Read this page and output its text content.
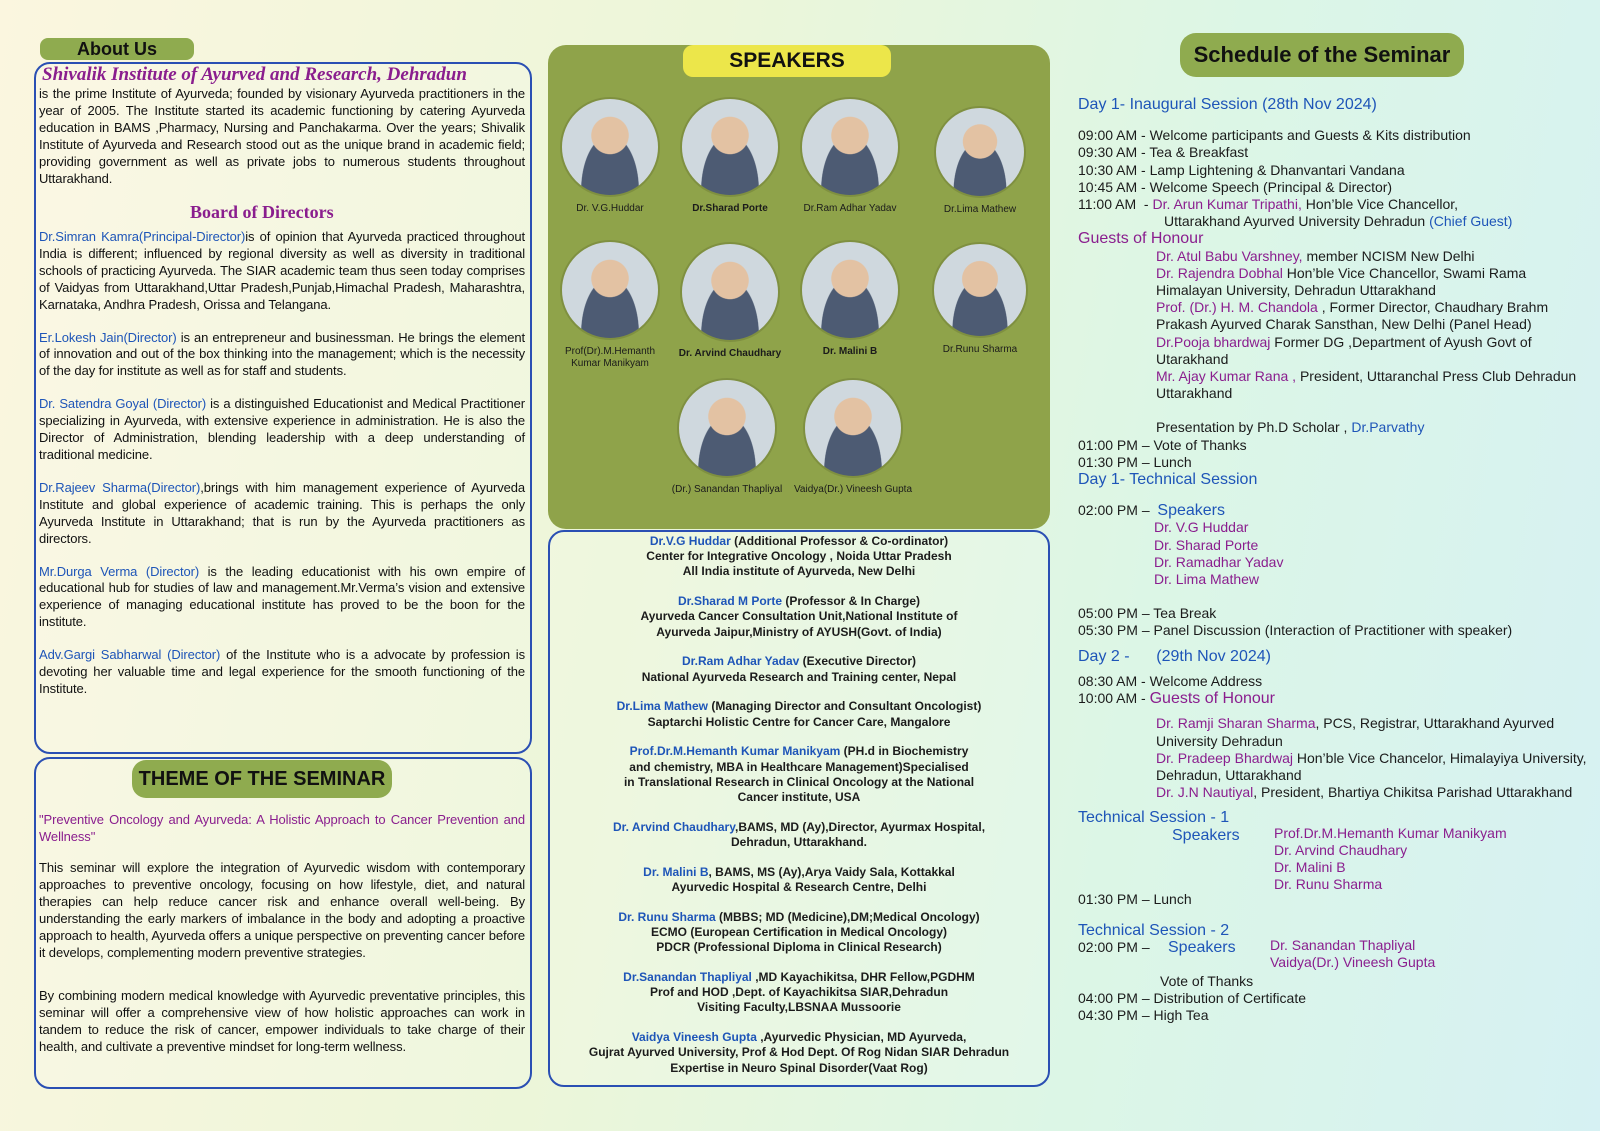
About Us
Shivalik Institute of Ayurved and Research, Dehradun
is the prime Institute of Ayurveda; founded by visionary Ayurveda practitioners in the year of 2005. The Institute started its academic functioning by catering Ayurveda education in BAMS ,Pharmacy, Nursing and Panchakarma. Over the years; Shivalik Institute of Ayurveda and Research stood out as the unique brand in academic field; providing government as well as private jobs to numerous students throughout Uttarakhand.
Board of Directors

Dr.Simran Kamra(Principal-Director)is of opinion that Ayurveda practiced throughout India is different; influenced by regional diversity as well as diversity in traditional schools of practicing Ayurveda. The SIAR academic team thus seen today comprises of Vaidyas from Uttarakhand,Uttar Pradesh,Punjab,Himachal Pradesh, Maharashtra, Karnataka, Andhra Pradesh, Orissa and Telangana.

Er.Lokesh Jain(Director) is an entrepreneur and businessman. He brings the element of innovation and out of the box thinking into the management; which is the necessity of the day for institute as well as for staff and students.

Dr. Satendra Goyal (Director) is a distinguished Educationist and Medical Practitioner specializing in Ayurveda, with extensive experience in administration. He is also the Director of Administration, blending leadership with a deep understanding of traditional medicine.

Dr.Rajeev Sharma(Director),brings with him management experience of Ayurveda Institute and global experience of academic training. This is perhaps the only Ayurveda Institute in Uttarakhand; that is run by the Ayurveda practitioners as directors.

Mr.Durga Verma (Director) is the leading educationist with his own empire of educational hub for studies of law and management.Mr.Verma’s vision and extensive experience of managing educational institute has proved to be the boon for the institute.

Adv.Gargi Sabharwal (Director) of the Institute who is a advocate by profession is devoting her valuable time and legal experience for the smooth functioning of the Institute.

THEME OF THE SEMINAR
"Preventive Oncology and Ayurveda: A Holistic Approach to Cancer Prevention and Wellness"
This seminar will explore the integration of Ayurvedic wisdom with contemporary approaches to preventive oncology, focusing on how lifestyle, diet, and natural therapies can help reduce cancer risk and enhance overall well-being. By understanding the early markers of imbalance in the body and adopting a proactive approach to health, Ayurveda offers a unique perspective on preventing cancer before it develops, complementing modern preventive strategies.
By combining modern medical knowledge with Ayurvedic preventative principles, this seminar will offer a comprehensive view of how holistic approaches can work in tandem to reduce the risk of cancer, empower individuals to take charge of their health, and cultivate a preventive mindset for long-term wellness.
SPEAKERS
Dr. V.G.Huddar	Dr.Sharad Porte	Dr.Ram Adhar Yadav	Dr.Lima Mathew
Prof(Dr).M.Hemanth Kumar Manikyam
Dr. Arvind Chaudhary	Dr. Malini B	Dr.Runu Sharma
(Dr.) Sanandan Thapliyal	Vaidya(Dr.) Vineesh Gupta
Dr.V.G Huddar (Additional Professor & Co-ordinator)
Center for Integrative Oncology , Noida Uttar Pradesh
All India institute of Ayurveda, New Delhi
Dr.Sharad M Porte (Professor & In Charge)
Ayurveda Cancer Consultation Unit,National Institute of
Ayurveda Jaipur,Ministry of AYUSH(Govt. of India)
Dr.Ram Adhar Yadav (Executive Director)
National Ayurveda Research and Training center, Nepal
Dr.Lima Mathew (Managing Director and Consultant Oncologist)
Saptarchi Holistic Centre for Cancer Care, Mangalore
Prof.Dr.M.Hemanth Kumar Manikyam (PH.d in Biochemistry
and chemistry, MBA in Healthcare Management)Specialised
in Translational Research in Clinical Oncology at the National
Cancer institute, USA
Dr. Arvind Chaudhary,BAMS, MD (Ay),Director, Ayurmax Hospital,
Dehradun, Uttarakhand.
Dr. Malini B, BAMS, MS (Ay),Arya Vaidy Sala, Kottakkal
Ayurvedic Hospital & Research Centre, Delhi
Dr. Runu Sharma (MBBS; MD (Medicine),DM;Medical Oncology)
ECMO (European Certification in Medical Oncology)
PDCR (Professional Diploma in Clinical Research)
Dr.Sanandan Thapliyal ,MD Kayachikitsa, DHR Fellow,PGDHM
Prof and HOD ,Dept. of Kayachikitsa SIAR,Dehradun
Visiting Faculty,LBSNAA Mussoorie
Vaidya Vineesh Gupta ,Ayurvedic Physician, MD Ayurveda,
Gujrat Ayurved University, Prof & Hod Dept. Of Rog Nidan SIAR Dehradun
Expertise in Neuro Spinal Disorder(Vaat Rog)
Schedule of the Seminar
Day 1- Inaugural Session (28th Nov 2024)
09:00 AM - Welcome participants and Guests & Kits distribution
09:30 AM - Tea & Breakfast
10:30 AM - Lamp Lightening & Dhanvantari Vandana
10:45 AM - Welcome Speech (Principal & Director)
11:00 AM  - Dr. Arun Kumar Tripathi, Hon’ble Vice Chancellor,
Uttarakhand Ayurved University Dehradun (Chief Guest)
Guests of Honour
Dr. Atul Babu Varshney, member NCISM New Delhi
Dr. Rajendra Dobhal Hon’ble Vice Chancellor, Swami Rama Himalayan University, Dehradun Uttarakhand
Prof. (Dr.) H. M. Chandola , Former Director, Chaudhary Brahm Prakash Ayurved Charak Sansthan, New Delhi (Panel Head)
Dr.Pooja bhardwaj Former DG ,Department of Ayush Govt of Utarakhand
Mr. Ajay Kumar Rana , President, Uttaranchal Press Club Dehradun Uttarakhand
Presentation by Ph.D Scholar , Dr.Parvathy
01:00 PM – Vote of Thanks
01:30 PM – Lunch
Day 1- Technical Session
02:00 PM –  Speakers
Dr. V.G Huddar
Dr. Sharad Porte
Dr. Ramadhar Yadav
Dr. Lima Mathew
05:00 PM – Tea Break
05:30 PM – Panel Discussion (Interaction of Practitioner with speaker)
Day 2 -      (29th Nov 2024)
08:30 AM - Welcome Address
10:00 AM - Guests of Honour
Dr. Ramji Sharan Sharma, PCS, Registrar, Uttarakhand Ayurved University Dehradun
Dr. Pradeep Bhardwaj Hon’ble Vice Chancelor, Himalayiya University, Dehradun, Uttarakhand
Dr. J.N Nautiyal, President, Bhartiya Chikitsa Parishad Uttarakhand
Technical Session - 1
Speakers Prof.Dr.M.Hemanth Kumar Manikyam
Dr. Arvind Chaudhary
Dr. Malini B
Dr. Runu Sharma
01:30 PM – Lunch
Technical Session - 2
02:00 PM – Speakers Dr. Sanandan Thapliyal
Vaidya(Dr.) Vineesh Gupta
Vote of Thanks
04:00 PM – Distribution of Certificate
04:30 PM – High Tea
